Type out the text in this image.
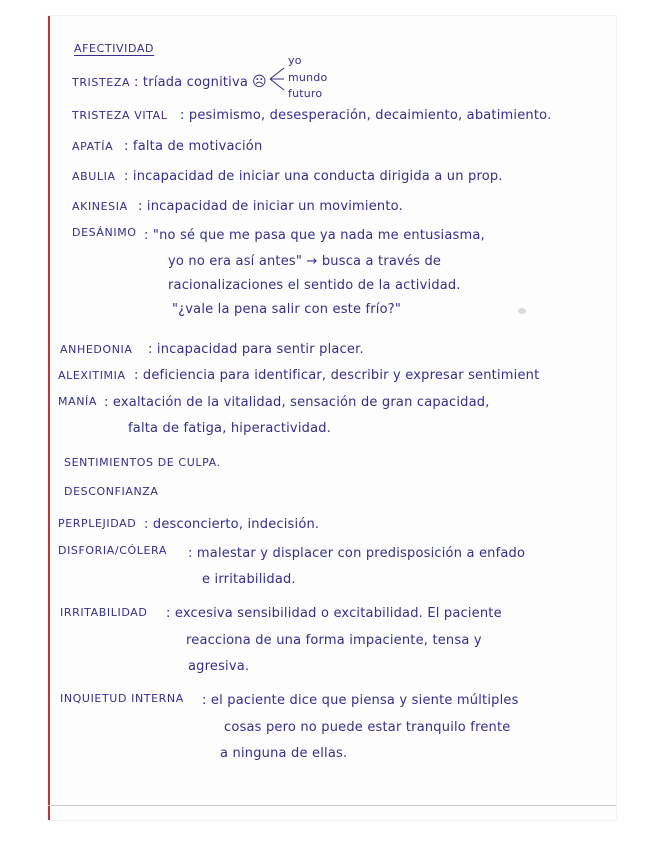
AFECTIVIDAD
TRISTEZA : tríada cognitiva ☹
yo
mundo
futuro
TRISTEZA VITAL : pesimismo, desesperación, decaimiento, abatimiento.
APATÍA : falta de motivación
ABULIA : incapacidad de iniciar una conducta dirigida a un prop.
AKINESIA : incapacidad de iniciar un movimiento.
DESÁNIMO : "no sé que me pasa que ya nada me entusiasma,
yo no era así antes" → busca a través de
racionalizaciones el sentido de la actividad.
"¿vale la pena salir con este frío?"
ANHEDONIA : incapacidad para sentir placer.
ALEXITIMIA : deficiencia para identificar, describir y expresar sentimient
MANÍA : exaltación de la vitalidad, sensación de gran capacidad,
falta de fatiga, hiperactividad.
SENTIMIENTOS DE CULPA.
DESCONFIANZA
PERPLEJIDAD : desconcierto, indecisión.
DISFORIA/CÓLERA : malestar y displacer con predisposición a enfado
e irritabilidad.
IRRITABILIDAD : excesiva sensibilidad o excitabilidad. El paciente
reacciona de una forma impaciente, tensa y
agresiva.
INQUIETUD INTERNA : el paciente dice que piensa y siente múltiples
cosas pero no puede estar tranquilo frente
a ninguna de ellas.
